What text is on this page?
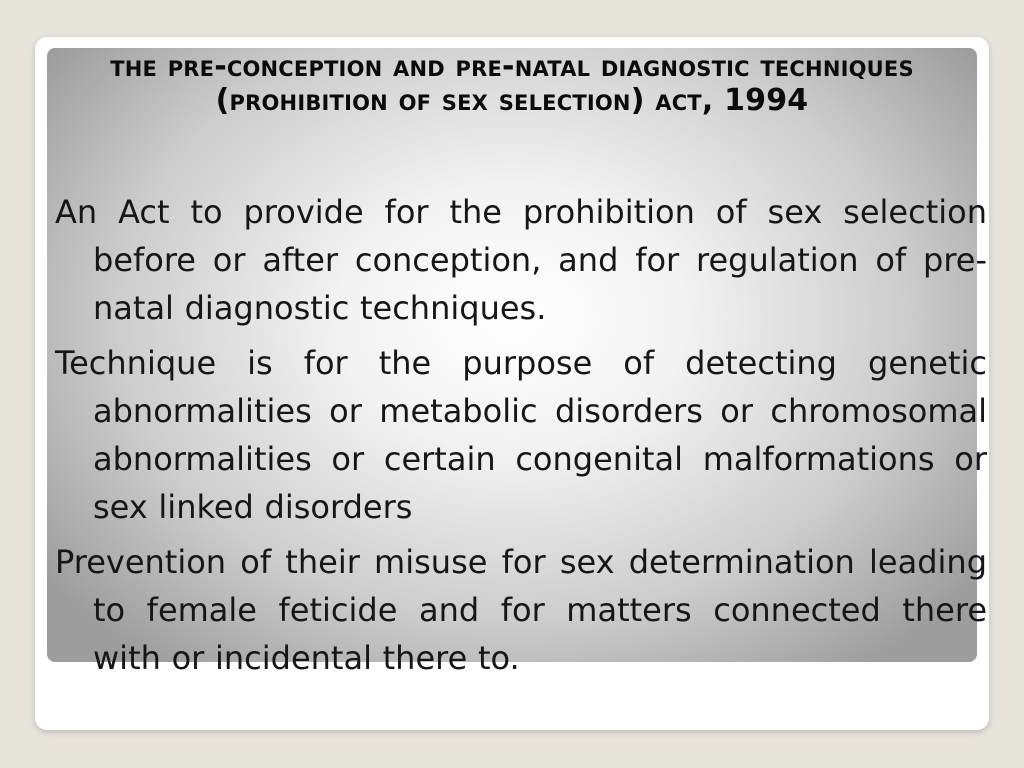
the pre-conception and pre-natal diagnostic techniques (prohibition of sex selection) act, 1994
An Act to provide for the prohibition of sex selection before or after conception, and for regulation of pre-natal diagnostic techniques.
Technique is for the purpose of detecting genetic abnormalities or metabolic disorders or chromosomal abnormalities or certain congenital malformations or sex linked disorders
Prevention of their misuse for sex determination leading to female feticide and for matters connected there with or incidental there to.
